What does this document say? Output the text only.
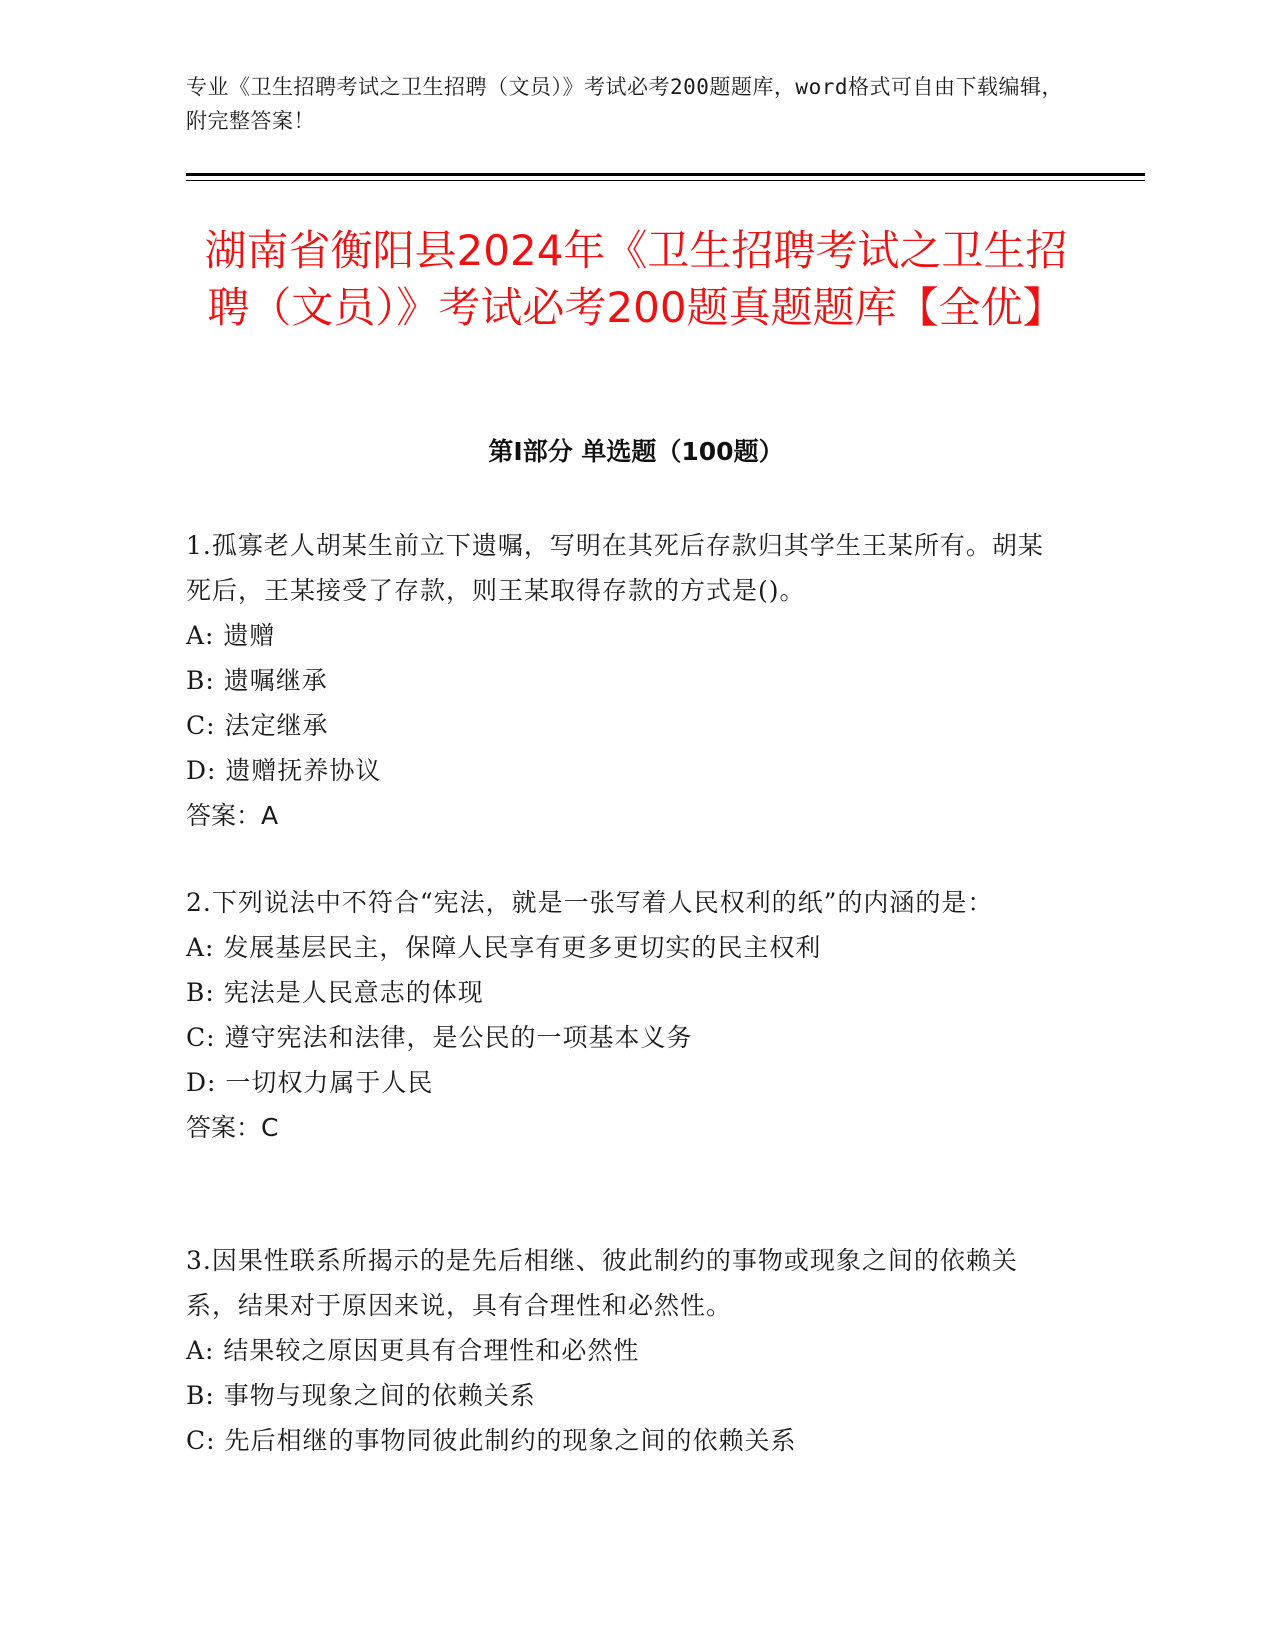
专业《卫生招聘考试之卫生招聘（文员）》考试必考200题题库，word格式可自由下载编辑，附完整答案！
湖南省衡阳县2024年《卫生招聘考试之卫生招聘（文员）》考试必考200题真题题库【全优】
第I部分 单选题（100题）
1.孤寡老人胡某生前立下遗嘱，写明在其死后存款归其学生王某所有。胡某死后，王某接受了存款，则王某取得存款的方式是()。
A: 遗赠
B: 遗嘱继承
C: 法定继承
D: 遗赠抚养协议
答案：A
2.下列说法中不符合“宪法，就是一张写着人民权利的纸”的内涵的是：
A: 发展基层民主，保障人民享有更多更切实的民主权利
B: 宪法是人民意志的体现
C: 遵守宪法和法律，是公民的一项基本义务
D: 一切权力属于人民
答案：C
3.因果性联系所揭示的是先后相继、彼此制约的事物或现象之间的依赖关系，结果对于原因来说，具有合理性和必然性。
A: 结果较之原因更具有合理性和必然性
B: 事物与现象之间的依赖关系
C: 先后相继的事物同彼此制约的现象之间的依赖关系
